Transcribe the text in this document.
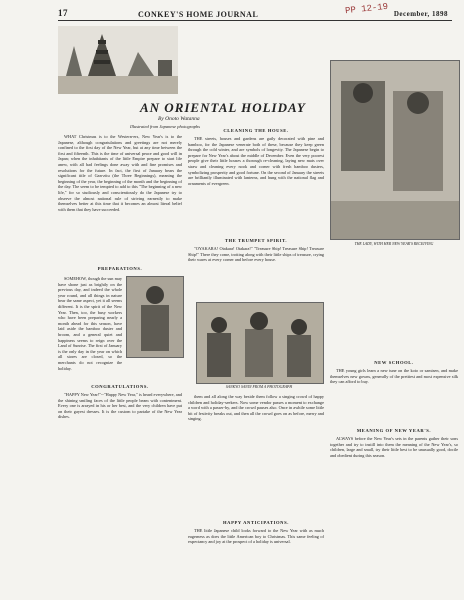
17	CONKEY'S HOME JOURNAL	December, 1898
PP 12-19
THE LADY, WITH HER NEW YEAR'S RECEIVING
AN ORIENTAL HOLIDAY
By Onoto Watanna
Illustrated from Japanese photographs

WHAT Christmas is to the Western-ers, New Year's is to the Japanese, although congratulations and greetings are not merely confined to the first day of the New Year, but at any time between the first and fifteenth. This is the time of universal peace and good will in Japan; when the inhabitants of the little Empire prepare to start life anew, with all bad feelings done away with and fine promises and resolutions for the future. In fact, the first of January bears the significant title of Gan-zitu (the Three Beginnings), meaning the beginning of the year, the beginning of the month and the beginning of the day. The seem to be tempted to add to this "The beginning of a new life," for so studiously and conscientiously do the Japanese try to observe the almost national rule of striving earnestly to make themselves better at this time that it becomes an almost literal belief with them that they have succeeded.

CLEANING THE HOUSE.

THE streets, houses and gardens are gaily decorated with pine and bamboo, for the Japanese venerate both of these, because they keep green through the cold winter, and are symbols of longevity. The Japanese begin to prepare for New Year's about the middle of December. Even the very poorest people give their little houses a thorough re-cleaning, laying new mats over straw and cleaning every nook and corner with fresh bamboo dusters, symbolizing prosperity and good fortune. On the second of January the streets are brilliantly illuminated with lanterns, and hung with the national flag and ornaments of evergreen.

THE TRUMPET SPIRIT.

"OYAKARA! Otakara! Otakara!" "Treasure Ship! Treasure Ship! Treasure Ship!" There they come, trotting along with their little ships of treasure, crying their wares at every corner and before every house.

PREPARATIONS.

SOMEHOW, though the sun may have shone just as brightly on the previous day, and indeed the whole year round, and all things in nature bear the same aspect, yet it all seems different. It is the spirit of the New Year. Then, too, the busy workers who have been preparing nearly a month ahead for this season, have laid aside the bamboo duster and broom, and a general quiet and happiness seems to reign over the Land of Sunrise. The first of January is the only day in the year on which all stores are closed, so the merchants do not recognize the holiday.

SANKYO SANIN FROM A PHOTOGRAPH

them and all along the way beside them follow a singing crowd of happy children and holiday-seekers. Now some vendor passes a moment to exchange a word with a passer-by, and the crowd pauses also. Once in awhile some little bit of festivity breaks out, and then all the crowd goes on as before, merry and singing.

CONGRATULATIONS.

"HAPPY New Year!"--"Happy New Year," is heard everywhere, and the shining smiling faces of the little people beam with contentment. Every one is arrayed in his or her best, and the very children have put on their gayest dresses. It is the custom to partake of the New Year dishes.

NEW SCHOOL.

THE young girls learn a new tune on the koto or samisen, and make themselves new gowns, generally of the prettiest and most expensive silk they can afford to buy.

MEANING OF NEW YEAR'S.

ALWAYS before the New Year's sets in the parents gather their sons together and try to instill into them the meaning of the New Year's, so children, large and small, try their little best to be unusually good, docile and obedient during this season.

HAPPY ANTICIPATIONS.

THE little Japanese child looks forward to the New Year with as much eagerness as does the little American boy to Christmas. This same feeling of expectancy and joy at the prospect of a holiday is universal.
